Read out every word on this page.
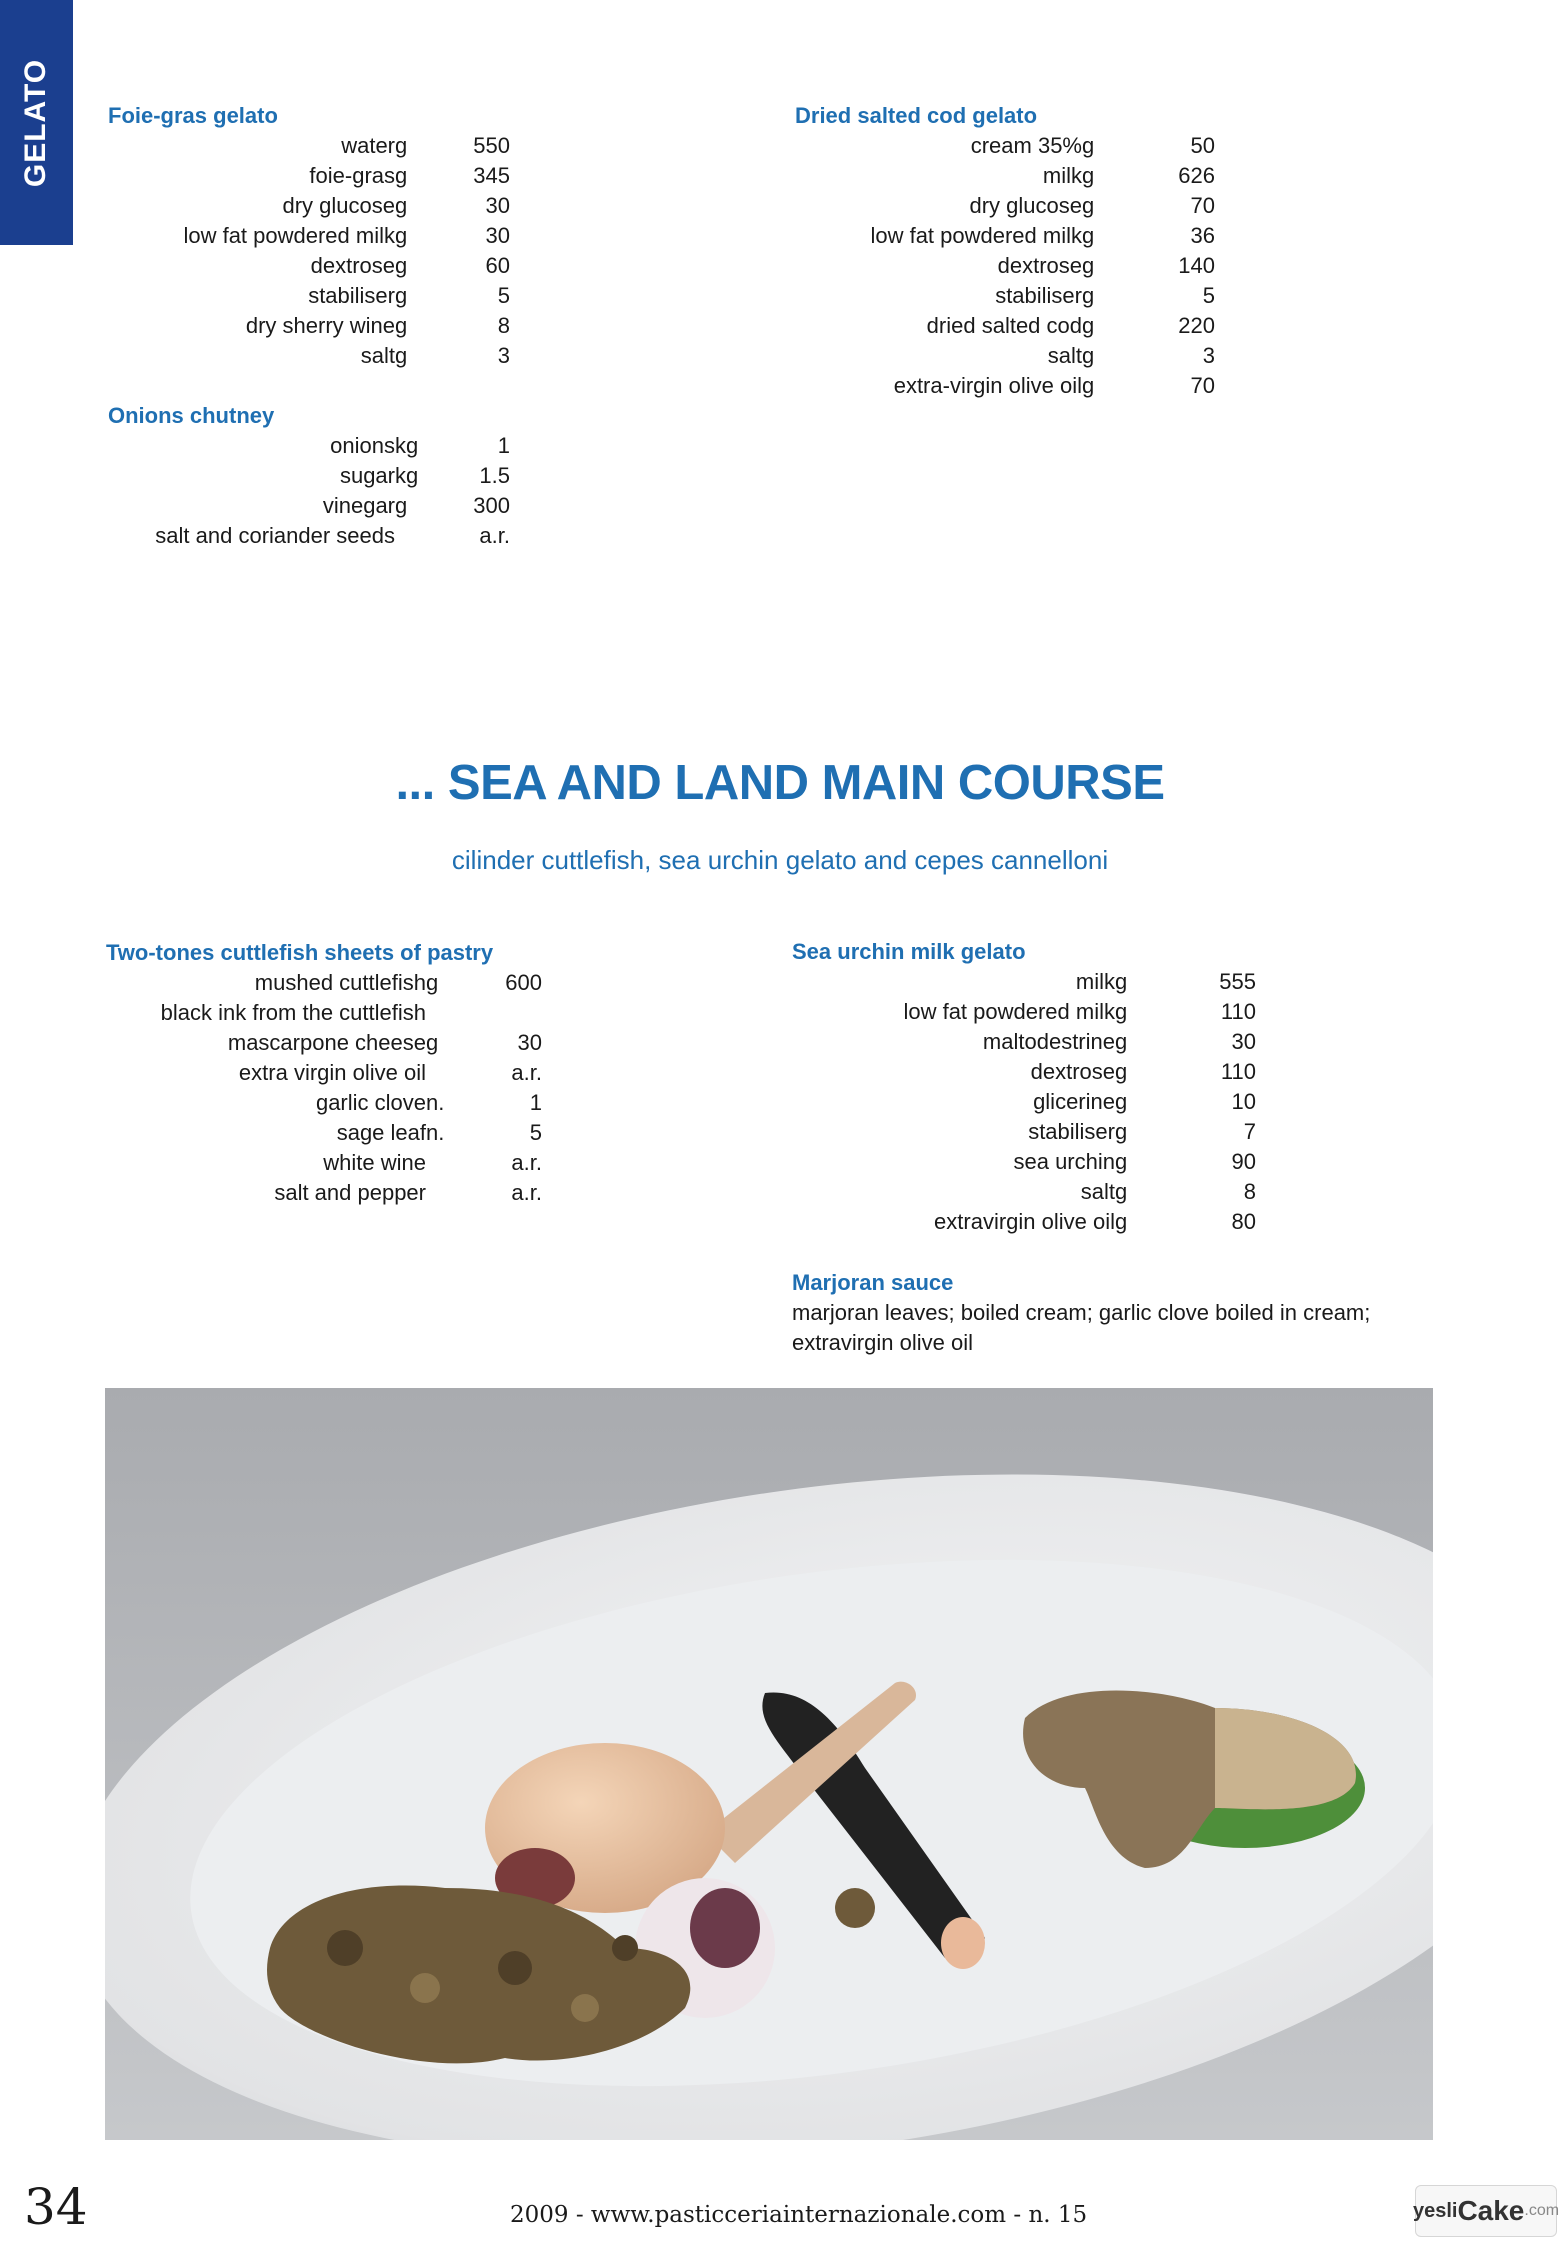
GELATO	Foie-gras gelato
water	g		550
foie-gras	g		345
dry glucose	g		30
low fat powdered milk	g		30
dextrose	g		60
stabiliser	g		5
dry sherry wine	g		8
salt	g		3
Onions chutney
onions	kg		1
sugar	kg		1.5
vinegar	g		300
salt and coriander seeds			a.r.
Dried salted cod gelato
cream 35%	g		50
milk	g		626
dry glucose	g		70
low fat powdered milk	g		36
dextrose	g		140
stabiliser	g		5
dried salted cod	g		220
salt	g		3
extra-virgin olive oil	g		70
... SEA AND LAND MAIN COURSE
cilinder cuttlefish, sea urchin gelato and cepes cannelloni
Two-tones cuttlefish sheets of pastry
mushed cuttlefish	g		600
black ink from the cuttlefish			
mascarpone cheese	g		30
extra virgin olive oil			a.r.
garlic clove	n.		1
sage leaf	n.		5
white wine			a.r.
salt and pepper			a.r.
Sea urchin milk gelato
milk	g		555
low fat powdered milk	g		110
maltodestrine	g		30
dextrose	g		110
glicerine	g		10
stabiliser	g		7
sea urchin	g		90
salt	g		8
extravirgin olive oil	g		80
Marjoran sauce
marjoran leaves; boiled cream; garlic clove boiled in cream; extravirgin olive oil
34	2009 - www.pasticceriainternazionale.com - n. 15	yesli Cake .com
